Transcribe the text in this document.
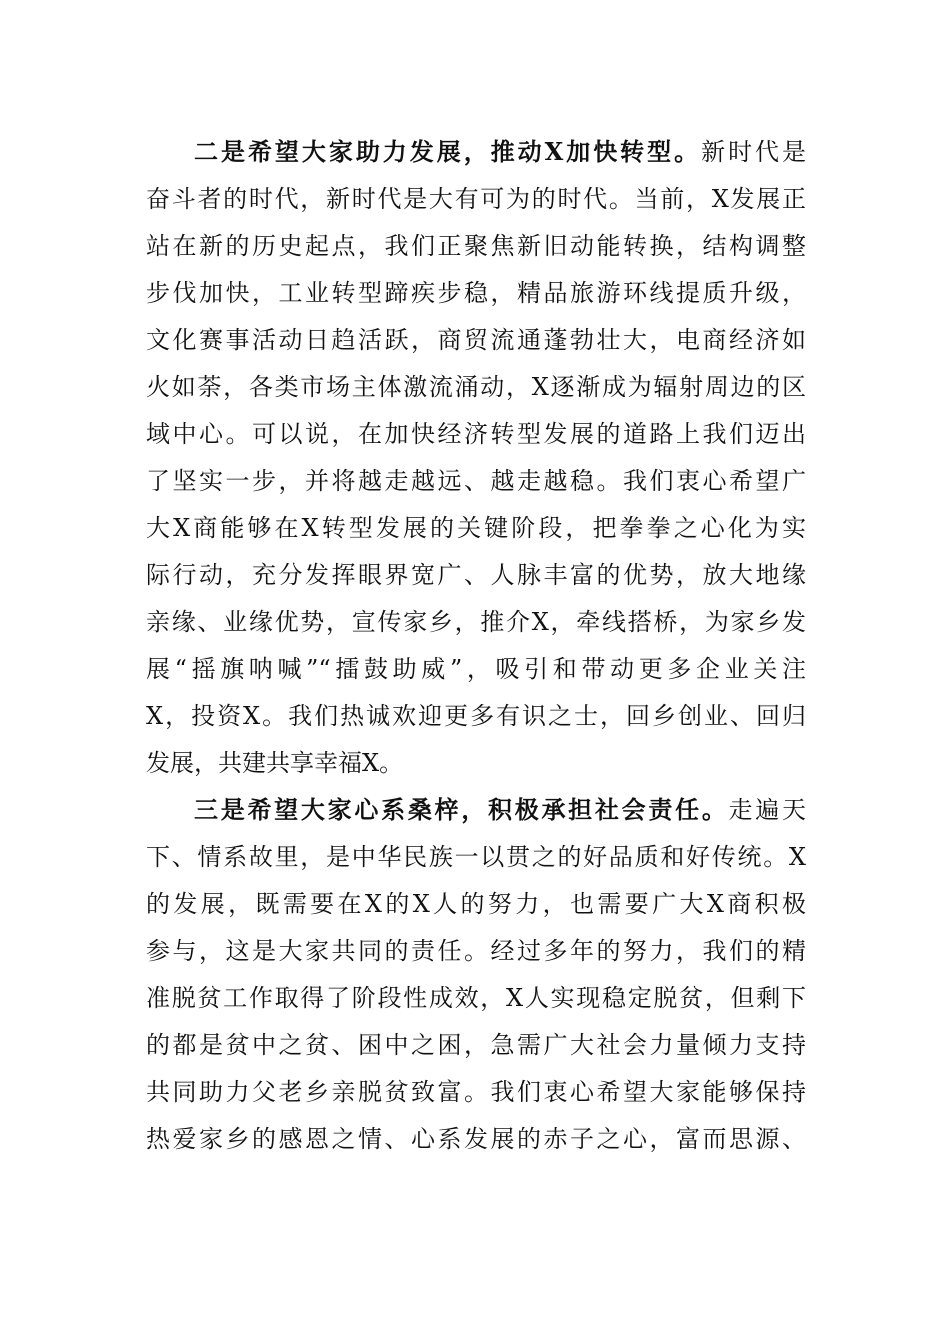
二是希望大家助力发展，推动X加快转型。新时代是
奋斗者的时代，新时代是大有可为的时代。当前，X发展正
站在新的历史起点，我们正聚焦新旧动能转换，结构调整
步伐加快，工业转型蹄疾步稳，精品旅游环线提质升级，
文化赛事活动日趋活跃，商贸流通蓬勃壮大，电商经济如
火如荼，各类市场主体激流涌动，X逐渐成为辐射周边的区
域中心。可以说，在加快经济转型发展的道路上我们迈出
了坚实一步，并将越走越远、越走越稳。我们衷心希望广
大X商能够在X转型发展的关键阶段，把拳拳之心化为实
际行动，充分发挥眼界宽广、人脉丰富的优势，放大地缘
亲缘、业缘优势，宣传家乡，推介X，牵线搭桥，为家乡发
展“摇旗呐喊”“擂鼓助威”，吸引和带动更多企业关注
X，投资X。我们热诚欢迎更多有识之士，回乡创业、回归
发展，共建共享幸福X。
三是希望大家心系桑梓，积极承担社会责任。走遍天
下、情系故里，是中华民族一以贯之的好品质和好传统。X
的发展，既需要在X的X人的努力，也需要广大X商积极
参与，这是大家共同的责任。经过多年的努力，我们的精
准脱贫工作取得了阶段性成效，X人实现稳定脱贫，但剩下
的都是贫中之贫、困中之困，急需广大社会力量倾力支持
共同助力父老乡亲脱贫致富。我们衷心希望大家能够保持
热爱家乡的感恩之情、心系发展的赤子之心，富而思源、
